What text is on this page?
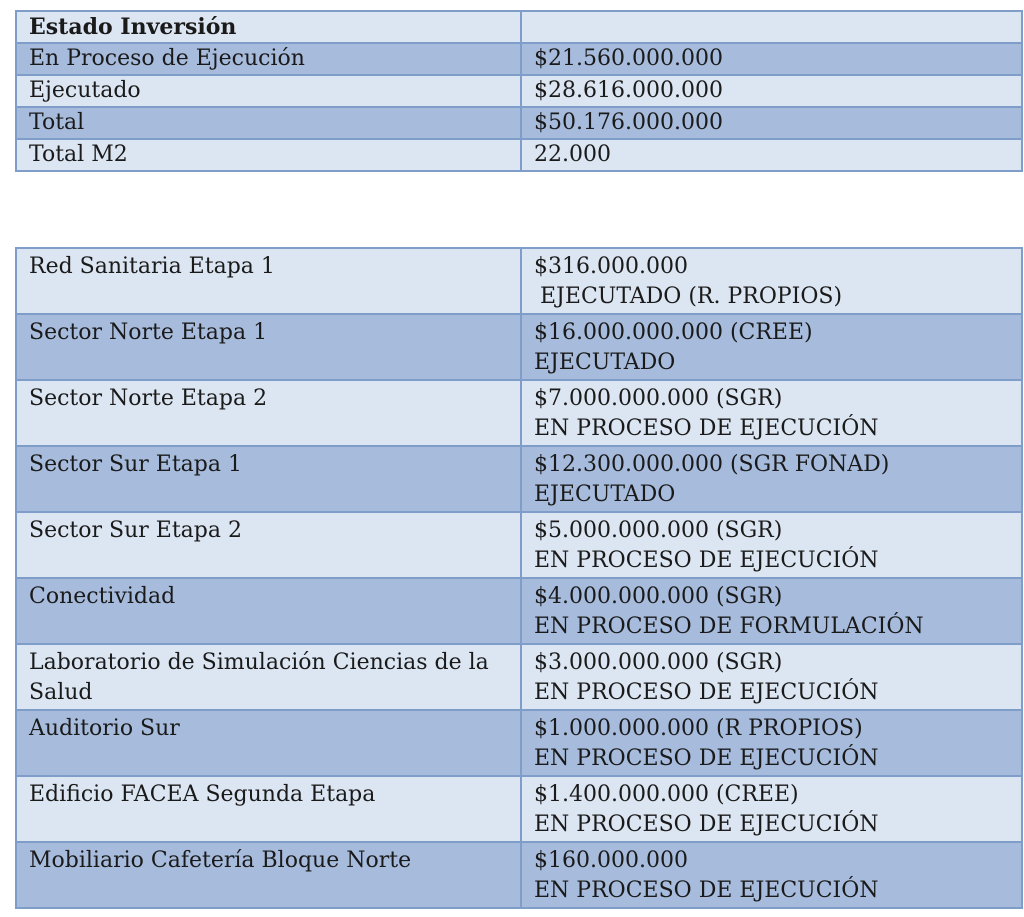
Estado Inversión	
En Proceso de Ejecución	$21.560.000.000
Ejecutado	$28.616.000.000
Total	$50.176.000.000
Total M2	22.000
Red Sanitaria Etapa 1	$316.000.000
EJECUTADO (R. PROPIOS)

Sector Norte Etapa 1	$16.000.000.000 (CREE)
EJECUTADO

Sector Norte Etapa 2	$7.000.000.000 (SGR)
EN PROCESO DE EJECUCIÓN

Sector Sur Etapa 1	$12.300.000.000 (SGR FONAD)
EJECUTADO

Sector Sur Etapa 2	$5.000.000.000 (SGR)
EN PROCESO DE EJECUCIÓN

Conectividad	$4.000.000.000 (SGR)
EN PROCESO DE FORMULACIÓN

Laboratorio de Simulación Ciencias de la
Salud	$3.000.000.000 (SGR)
EN PROCESO DE EJECUCIÓN

Auditorio Sur	$1.000.000.000 (R PROPIOS)
EN PROCESO DE EJECUCIÓN

Edificio FACEA Segunda Etapa	$1.400.000.000 (CREE)
EN PROCESO DE EJECUCIÓN

Mobiliario Cafetería Bloque Norte	$160.000.000
EN PROCESO DE EJECUCIÓN
